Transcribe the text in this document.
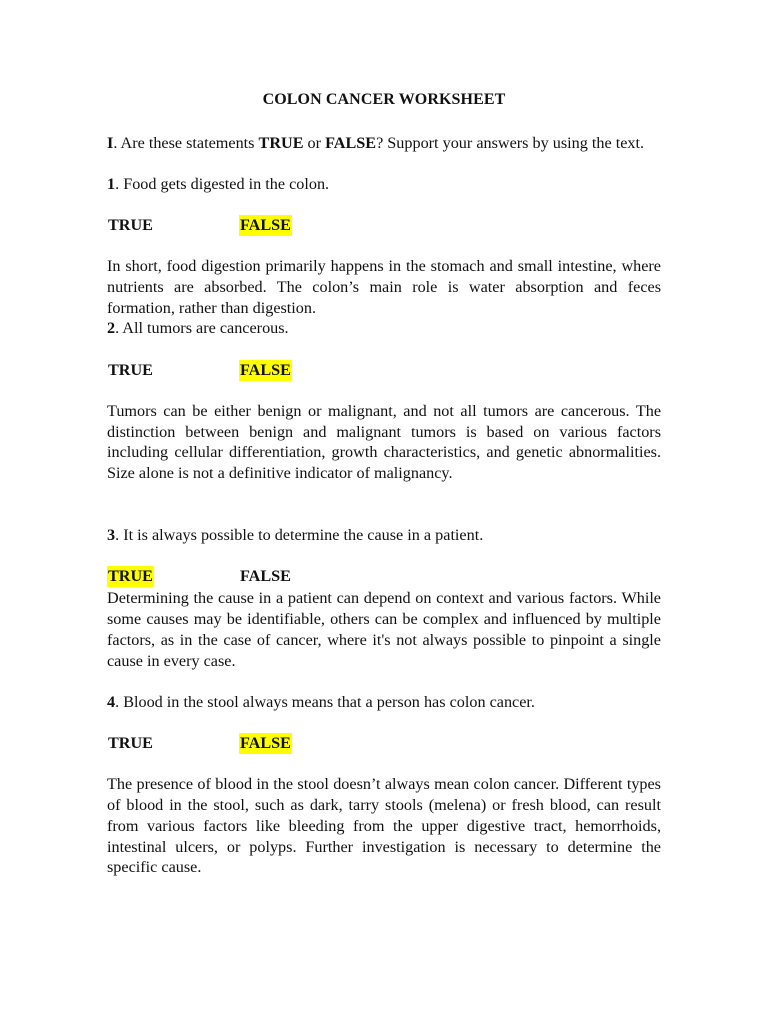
COLON CANCER WORKSHEET

I. Are these statements TRUE or FALSE? Support your answers by using the text.

1. Food gets digested in the colon.

TRUE	FALSE

In short, food digestion primarily happens in the stomach and small intestine, where nutrients are absorbed. The colon’s main role is water absorption and feces formation, rather than digestion.

2. All tumors are cancerous.

TRUE	FALSE

Tumors can be either benign or malignant, and not all tumors are cancerous. The distinction between benign and malignant tumors is based on various factors including cellular differentiation, growth characteristics, and genetic abnormalities. Size alone is not a definitive indicator of malignancy.

3. It is always possible to determine the cause in a patient.

TRUE	FALSE

Determining the cause in a patient can depend on context and various factors. While some causes may be identifiable, others can be complex and influenced by multiple factors, as in the case of cancer, where it's not always possible to pinpoint a single cause in every case.

4. Blood in the stool always means that a person has colon cancer.

TRUE	FALSE

The presence of blood in the stool doesn’t always mean colon cancer. Different types of blood in the stool, such as dark, tarry stools (melena) or fresh blood, can result from various factors like bleeding from the upper digestive tract, hemorrhoids, intestinal ulcers, or polyps. Further investigation is necessary to determine the specific cause.
